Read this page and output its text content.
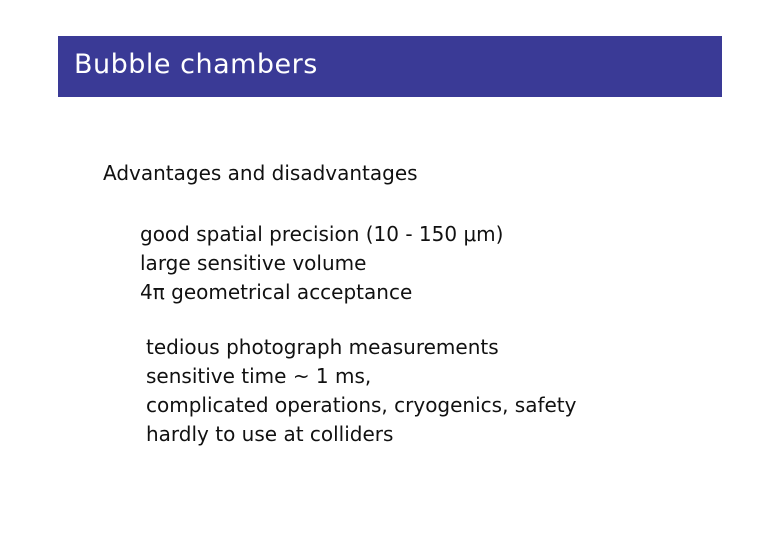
Bubble chambers
Advantages and disadvantages
good spatial precision (10 - 150 μm)
large sensitive volume
4π geometrical acceptance
tedious photograph measurements
sensitive time ~ 1 ms,
complicated operations, cryogenics, safety
hardly to use at colliders
